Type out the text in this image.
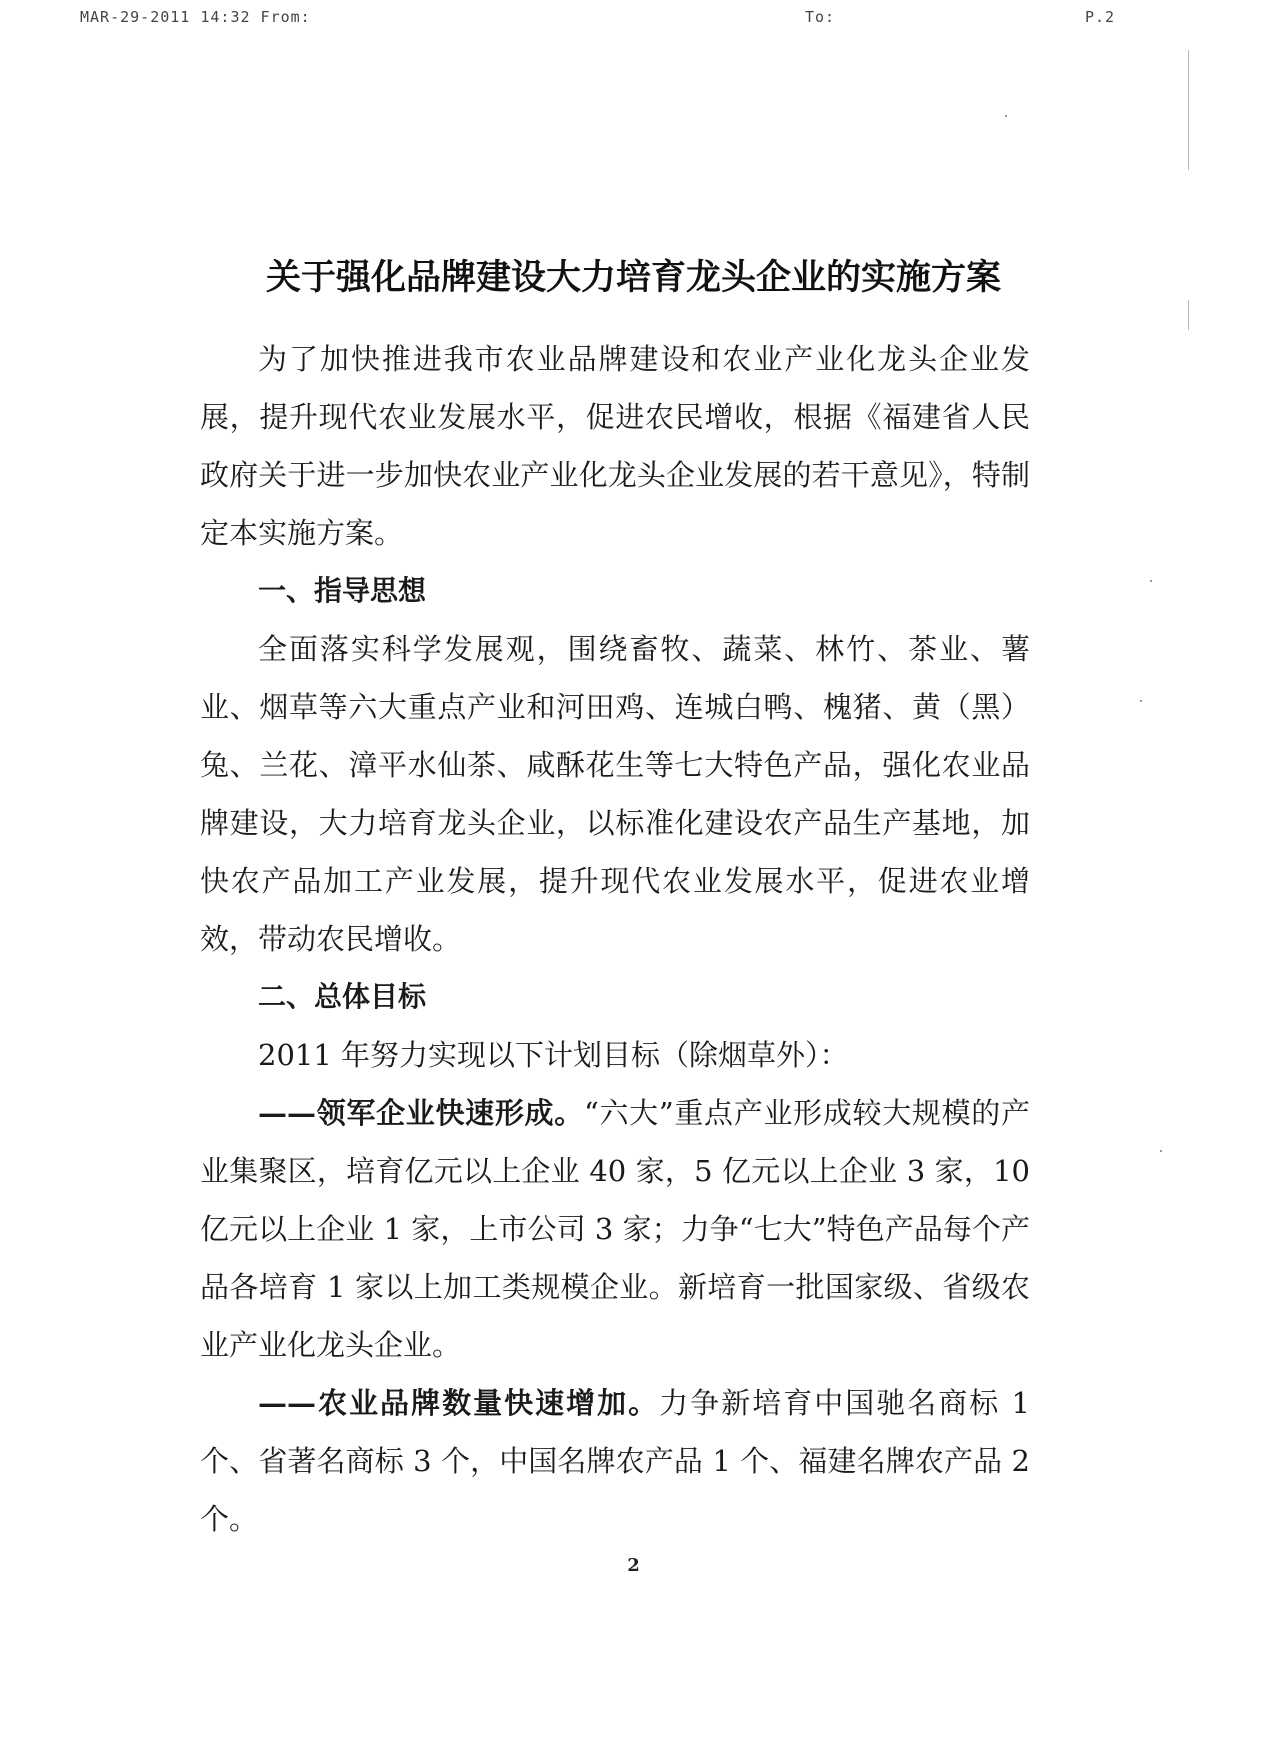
MAR-29-2011 14:32 From:	To:	P.2
关于强化品牌建设大力培育龙头企业的实施方案

为了加快推进我市农业品牌建设和农业产业化龙头企业发展，提升现代农业发展水平，促进农民增收，根据《福建省人民政府关于进一步加快农业产业化龙头企业发展的若干意见》，特制定本实施方案。

一、指导思想

全面落实科学发展观，围绕畜牧、蔬菜、林竹、茶业、薯业、烟草等六大重点产业和河田鸡、连城白鸭、槐猪、黄（黑）兔、兰花、漳平水仙茶、咸酥花生等七大特色产品，强化农业品牌建设，大力培育龙头企业，以标准化建设农产品生产基地，加快农产品加工产业发展，提升现代农业发展水平，促进农业增效，带动农民增收。

二、总体目标

2011 年努力实现以下计划目标（除烟草外）：

——领军企业快速形成。“六大”重点产业形成较大规模的产业集聚区，培育亿元以上企业 40 家，5 亿元以上企业 3 家，10 亿元以上企业 1 家，上市公司 3 家；力争“七大”特色产品每个产品各培育 1 家以上加工类规模企业。新培育一批国家级、省级农业产业化龙头企业。

——农业品牌数量快速增加。力争新培育中国驰名商标 1 个、省著名商标 3 个，中国名牌农产品 1 个、福建名牌农产品 2 个。

2
